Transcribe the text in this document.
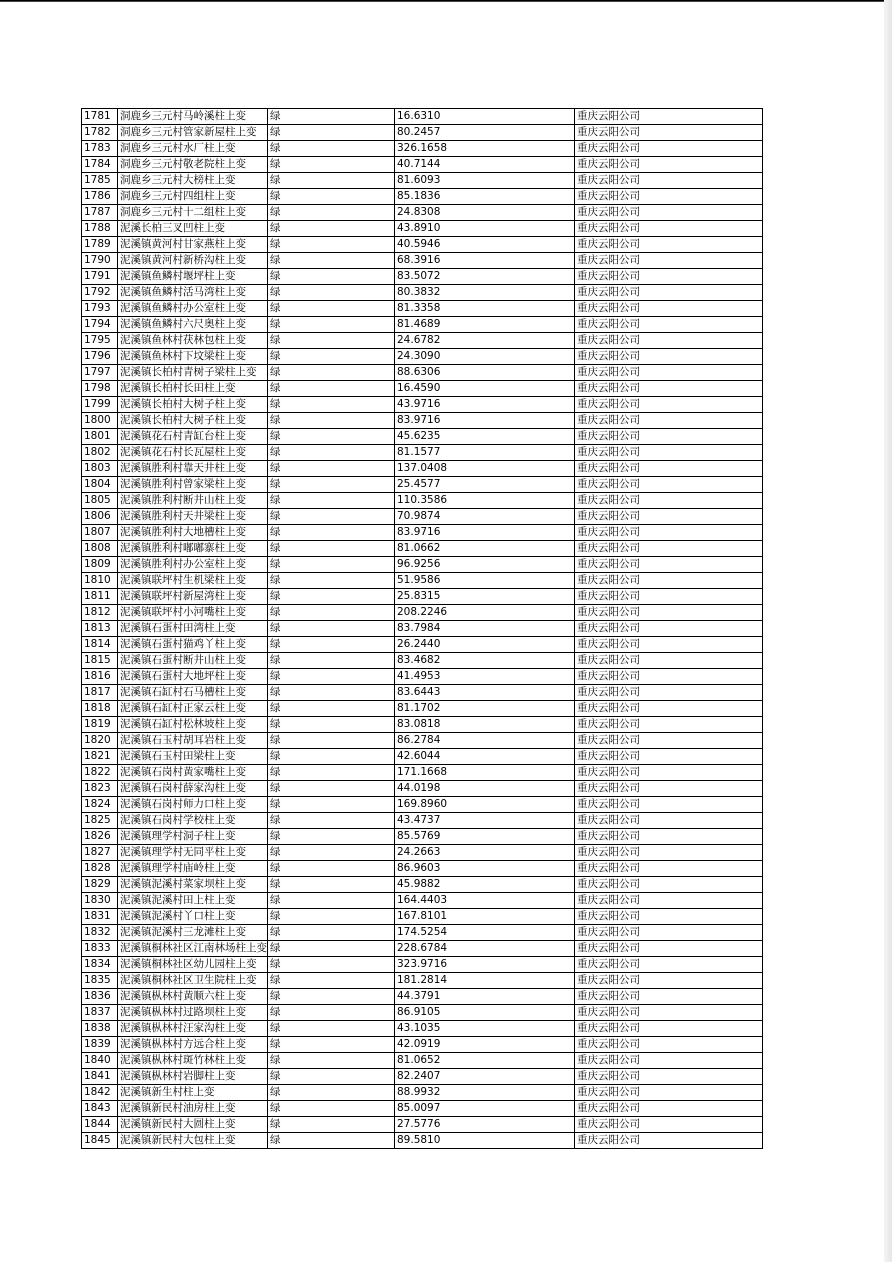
1781	洞鹿乡三元村马岭溪柱上变	绿	16.6310	重庆云阳公司
1782	洞鹿乡三元村管家新屋柱上变	绿	80.2457	重庆云阳公司
1783	洞鹿乡三元村水厂柱上变	绿	326.1658	重庆云阳公司
1784	洞鹿乡三元村敬老院柱上变	绿	40.7144	重庆云阳公司
1785	洞鹿乡三元村大榜柱上变	绿	81.6093	重庆云阳公司
1786	洞鹿乡三元村四组柱上变	绿	85.1836	重庆云阳公司
1787	洞鹿乡三元村十二组柱上变	绿	24.8308	重庆云阳公司
1788	泥溪长柏三叉凹柱上变	绿	43.8910	重庆云阳公司
1789	泥溪镇黄河村甘家燕柱上变	绿	40.5946	重庆云阳公司
1790	泥溪镇黄河村新桥沟柱上变	绿	68.3916	重庆云阳公司
1791	泥溪镇鱼鳞村堰坪柱上变	绿	83.5072	重庆云阳公司
1792	泥溪镇鱼鳞村活马湾柱上变	绿	80.3832	重庆云阳公司
1793	泥溪镇鱼鳞村办公室柱上变	绿	81.3358	重庆云阳公司
1794	泥溪镇鱼鳞村六尺奥柱上变	绿	81.4689	重庆云阳公司
1795	泥溪镇鱼林村茯林包柱上变	绿	24.6782	重庆云阳公司
1796	泥溪镇鱼林村下坟梁柱上变	绿	24.3090	重庆云阳公司
1797	泥溪镇长柏村青树子梁柱上变	绿	88.6306	重庆云阳公司
1798	泥溪镇长柏村长田柱上变	绿	16.4590	重庆云阳公司
1799	泥溪镇长柏村大树子柱上变	绿	43.9716	重庆云阳公司
1800	泥溪镇长柏村大树子柱上变	绿	83.9716	重庆云阳公司
1801	泥溪镇花石村青缸台柱上变	绿	45.6235	重庆云阳公司
1802	泥溪镇花石村长瓦屋柱上变	绿	81.1577	重庆云阳公司
1803	泥溪镇胜利村靠天井柱上变	绿	137.0408	重庆云阳公司
1804	泥溪镇胜利村曾家梁柱上变	绿	25.4577	重庆云阳公司
1805	泥溪镇胜利村断井山柱上变	绿	110.3586	重庆云阳公司
1806	泥溪镇胜利村天井梁柱上变	绿	70.9874	重庆云阳公司
1807	泥溪镇胜利村大地槽柱上变	绿	83.9716	重庆云阳公司
1808	泥溪镇胜利村嘟嘟寨柱上变	绿	81.0662	重庆云阳公司
1809	泥溪镇胜利村办公室柱上变	绿	96.9256	重庆云阳公司
1810	泥溪镇联坪村生机梁柱上变	绿	51.9586	重庆云阳公司
1811	泥溪镇联坪村新屋湾柱上变	绿	25.8315	重庆云阳公司
1812	泥溪镇联坪村小河嘴柱上变	绿	208.2246	重庆云阳公司
1813	泥溪镇石蛋村田湾柱上变	绿	83.7984	重庆云阳公司
1814	泥溪镇石蛋村猫鸡丫柱上变	绿	26.2440	重庆云阳公司
1815	泥溪镇石蛋村断井山柱上变	绿	83.4682	重庆云阳公司
1816	泥溪镇石蛋村大地坪柱上变	绿	41.4953	重庆云阳公司
1817	泥溪镇石缸村石马槽柱上变	绿	83.6443	重庆云阳公司
1818	泥溪镇石缸村正家云柱上变	绿	81.1702	重庆云阳公司
1819	泥溪镇石缸村松林坡柱上变	绿	83.0818	重庆云阳公司
1820	泥溪镇石玉村胡耳岩柱上变	绿	86.2784	重庆云阳公司
1821	泥溪镇石玉村田梁柱上变	绿	42.6044	重庆云阳公司
1822	泥溪镇石岗村黄家嘴柱上变	绿	171.1668	重庆云阳公司
1823	泥溪镇石岗村薛家沟柱上变	绿	44.0198	重庆云阳公司
1824	泥溪镇石岗村师力口柱上变	绿	169.8960	重庆云阳公司
1825	泥溪镇石岗村学校柱上变	绿	43.4737	重庆云阳公司
1826	泥溪镇理学村洞子柱上变	绿	85.5769	重庆云阳公司
1827	泥溪镇理学村无同平柱上变	绿	24.2663	重庆云阳公司
1828	泥溪镇理学村庙岭柱上变	绿	86.9603	重庆云阳公司
1829	泥溪镇泥溪村菜家坝柱上变	绿	45.9882	重庆云阳公司
1830	泥溪镇泥溪村田上柱上变	绿	164.4403	重庆云阳公司
1831	泥溪镇泥溪村丫口柱上变	绿	167.8101	重庆云阳公司
1832	泥溪镇泥溪村三龙滩柱上变	绿	174.5254	重庆云阳公司
1833	泥溪镇桐林社区江南林场柱上变	绿	228.6784	重庆云阳公司
1834	泥溪镇桐林社区幼儿园柱上变	绿	323.9716	重庆云阳公司
1835	泥溪镇桐林社区卫生院柱上变	绿	181.2814	重庆云阳公司
1836	泥溪镇枞林村黄顺六柱上变	绿	44.3791	重庆云阳公司
1837	泥溪镇枞林村过路坝柱上变	绿	86.9105	重庆云阳公司
1838	泥溪镇枞林村汪家沟柱上变	绿	43.1035	重庆云阳公司
1839	泥溪镇枞林村方远合柱上变	绿	42.0919	重庆云阳公司
1840	泥溪镇枞林村斑竹林柱上变	绿	81.0652	重庆云阳公司
1841	泥溪镇枞林村岩脚柱上变	绿	82.2407	重庆云阳公司
1842	泥溪镇新生村柱上变	绿	88.9932	重庆云阳公司
1843	泥溪镇新民村油房柱上变	绿	85.0097	重庆云阳公司
1844	泥溪镇新民村大圆柱上变	绿	27.5776	重庆云阳公司
1845	泥溪镇新民村大包柱上变	绿	89.5810	重庆云阳公司
